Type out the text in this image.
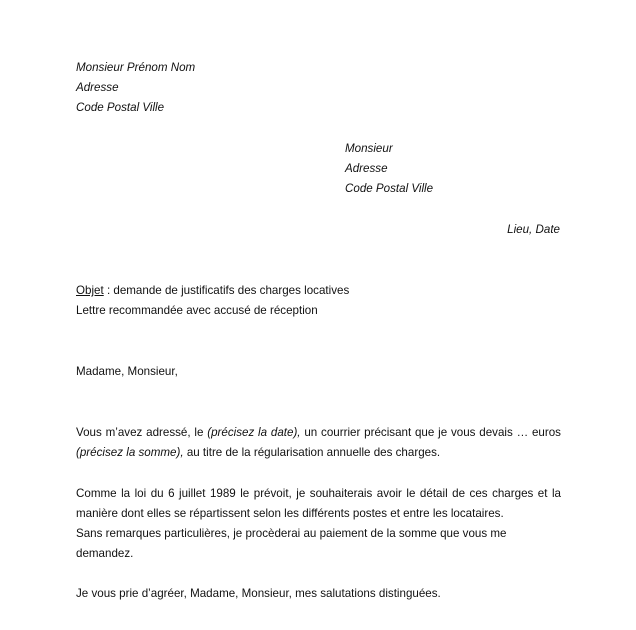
Monsieur Prénom Nom
Adresse
Code Postal Ville
Monsieur
Adresse
Code Postal Ville
Lieu, Date
Objet : demande de justificatifs des charges locatives
Lettre recommandée avec accusé de réception
Madame, Monsieur,
Vous m’avez adressé, le (précisez la date), un courrier précisant que je vous devais … euros (précisez la somme), au titre de la régularisation annuelle des charges.
Comme la loi du 6 juillet 1989 le prévoit, je souhaiterais avoir le détail de ces charges et la manière dont elles se répartissent selon les différents postes et entre les locataires.
Sans remarques particulières, je procèderai au paiement de la somme que vous me demandez.
Je vous prie d’agréer, Madame, Monsieur, mes salutations distinguées.
